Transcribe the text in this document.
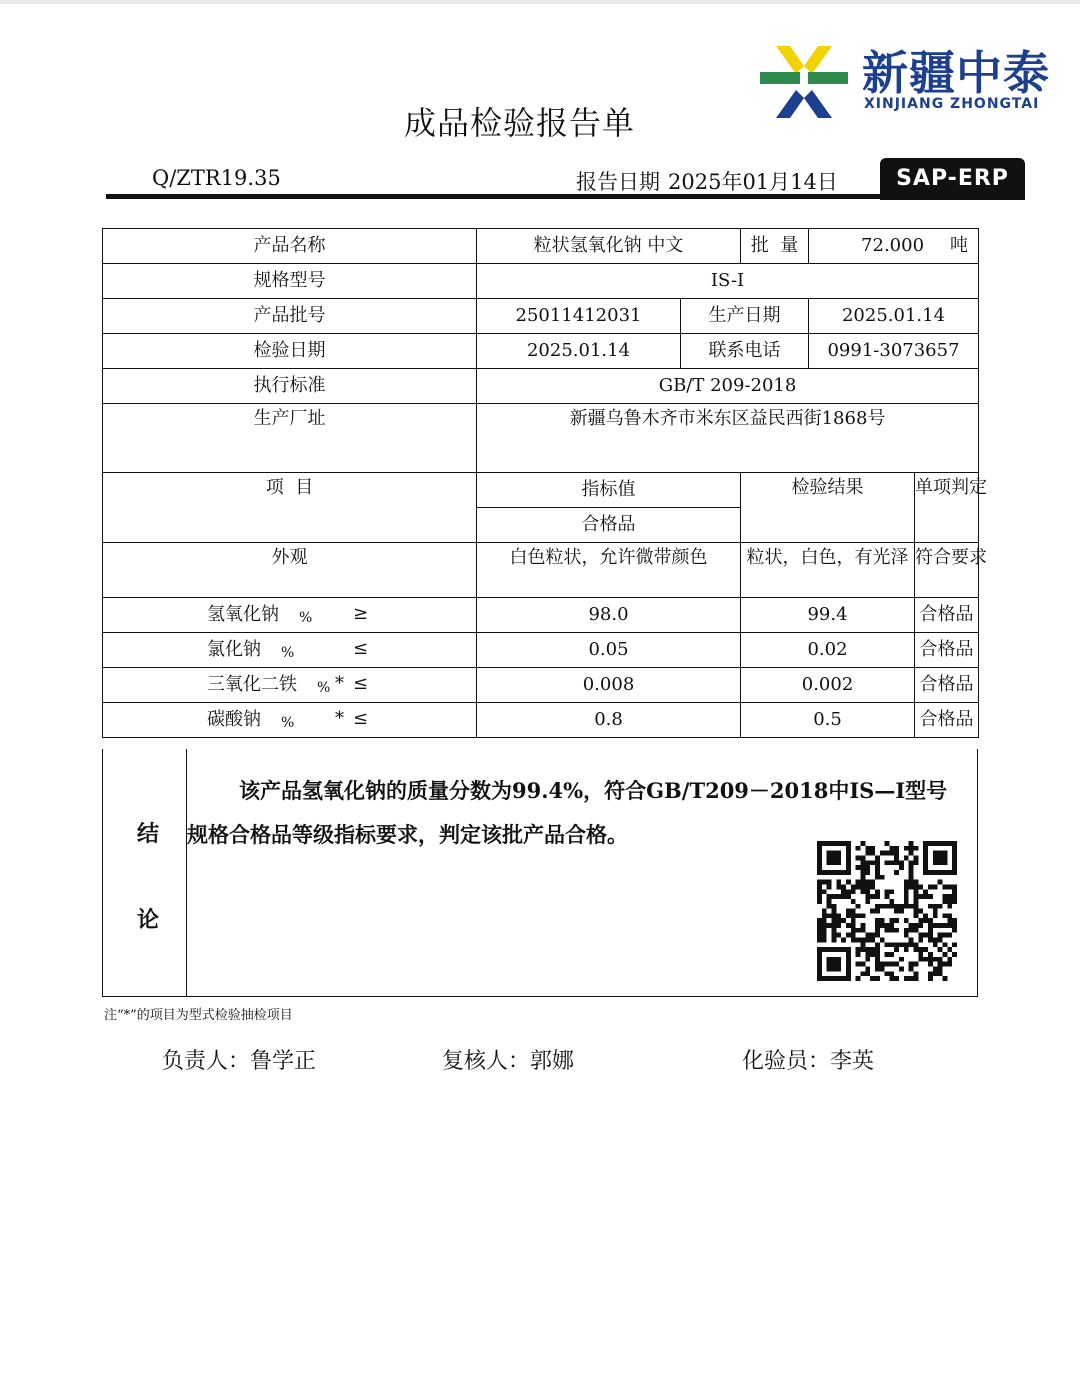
新疆中泰
XINJIANG ZHONGTAI
成品检验报告单
Q/ZTR19.35	报告日期 2025年01月14日	SAP-ERP
产品名称	粒状氢氧化钠 中文		批  量	72.000 吨	
规格型号	IS-Ⅰ				
产品批号	25011412031	生产日期		2025.01.14	
检验日期	2025.01.14	联系电话		0991-3073657	
执行标准	GB/T 209-2018				
生产厂址	新疆乌鲁木齐市米东区益民西街1868号				
项  目	指标值		检验结果		单项判定
	合格品				
外观	白色粒状，允许微带颜色		粒状，白色，有光泽		符合要求

氢氧化钠 % ≥	98.0		99.4		合格品

氯化钠 % ≤	0.05		0.02		合格品

三氧化二铁 % * ≤	0.008		0.002		合格品

碳酸钠 % * ≤	0.8		0.5		合格品
结
论
该产品氢氧化钠的质量分数为99.4%，符合GB/T209－2018中IS—Ⅰ型号规格合格品等级指标要求，判定该批产品合格。
注“*”的项目为型式检验抽检项目
负责人：鲁学正	复核人：郭娜	化验员：李英
